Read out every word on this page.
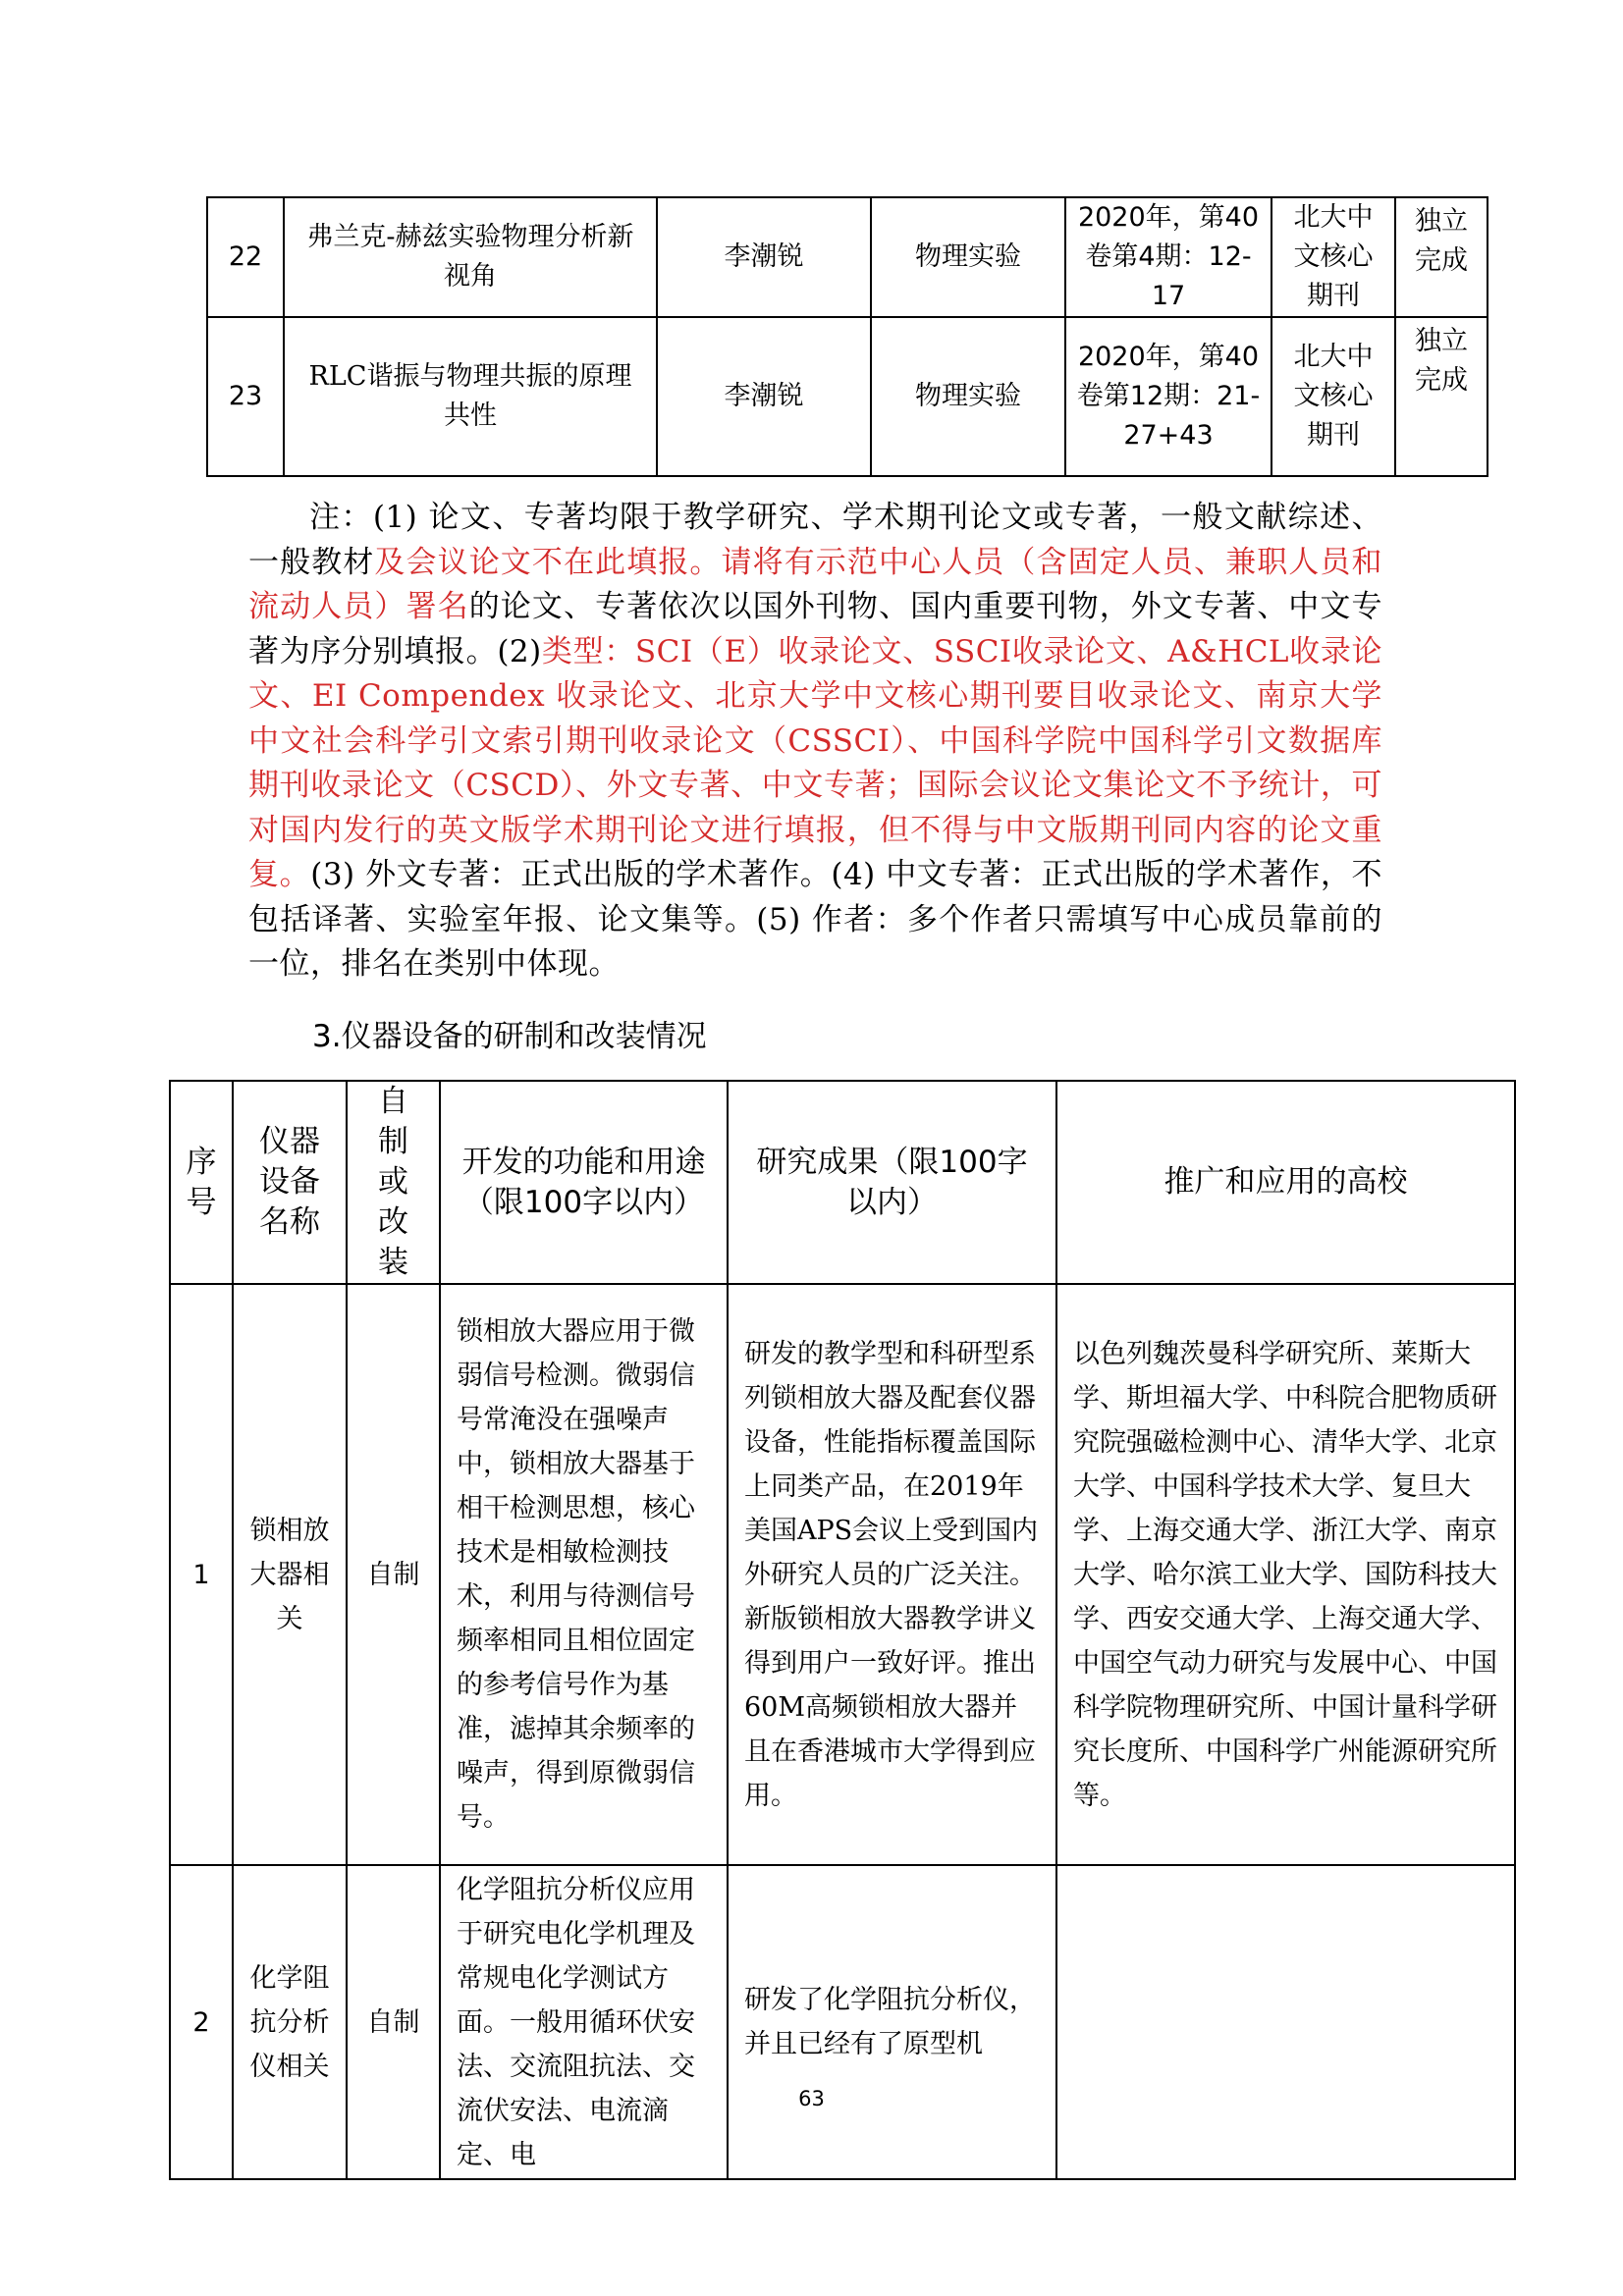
22	弗兰克-赫兹实验物理分析新视角	李潮锐	物理实验	2020年，第40卷第4期：12-17	北大中文核心期刊	独立完成
23	RLC谐振与物理共振的原理共性	李潮锐	物理实验	2020年，第40卷第12期：21-27+43	北大中文核心期刊	独立完成
注：(1) 论文、专著均限于教学研究、学术期刊论文或专著，一般文献综述、一般教材及会议论文不在此填报。请将有示范中心人员（含固定人员、兼职人员和流动人员）署名的论文、专著依次以国外刊物、国内重要刊物，外文专著、中文专著为序分别填报。(2)类型：SCI（E）收录论文、SSCI收录论文、A&HCL收录论文、EI Compendex 收录论文、北京大学中文核心期刊要目收录论文、南京大学中文社会科学引文索引期刊收录论文（CSSCI）、中国科学院中国科学引文数据库期刊收录论文（CSCD）、外文专著、中文专著；国际会议论文集论文不予统计，可对国内发行的英文版学术期刊论文进行填报，但不得与中文版期刊同内容的论文重复。(3) 外文专著：正式出版的学术著作。(4) 中文专著：正式出版的学术著作，不包括译著、实验室年报、论文集等。(5) 作者：多个作者只需填写中心成员靠前的一位，排名在类别中体现。
3.仪器设备的研制和改装情况
序号	仪器设备名称	自制或改装	开发的功能和用途（限100字以内）	研究成果（限100字以内）	推广和应用的高校
1	锁相放大器相关	自制	锁相放大器应用于微弱信号检测。微弱信号常淹没在强噪声中，锁相放大器基于相干检测思想，核心技术是相敏检测技术，利用与待测信号频率相同且相位固定的参考信号作为基准，滤掉其余频率的噪声，得到原微弱信号。	研发的教学型和科研型系列锁相放大器及配套仪器设备，性能指标覆盖国际上同类产品，在2019年美国APS会议上受到国内外研究人员的广泛关注。新版锁相放大器教学讲义得到用户一致好评。推出60M高频锁相放大器并且在香港城市大学得到应用。	以色列魏茨曼科学研究所、莱斯大学、斯坦福大学、中科院合肥物质研究院强磁检测中心、清华大学、北京大学、中国科学技术大学、复旦大学、上海交通大学、浙江大学、南京大学、哈尔滨工业大学、国防科技大学、西安交通大学、上海交通大学、中国空气动力研究与发展中心、中国科学院物理研究所、中国计量科学研究长度所、中国科学广州能源研究所等。
2	化学阻抗分析仪相关	自制	化学阻抗分析仪应用于研究电化学机理及常规电化学测试方面。一般用循环伏安法、交流阻抗法、交流伏安法、电流滴定、电	研发了化学阻抗分析仪，并且已经有了原型机	
63
